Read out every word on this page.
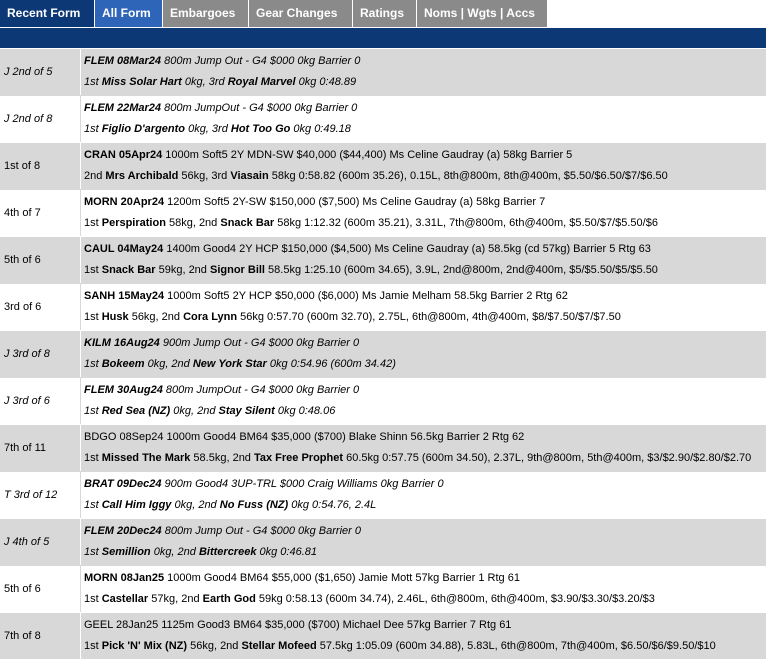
Recent Form	All Form	Embargoes	Gear Changes	Ratings	Noms | Wgts | Accs
J 2nd of 5
FLEM 08Mar24 800m Jump Out - G4 $000 0kg Barrier 0
1st Miss Solar Hart 0kg, 3rd Royal Marvel 0kg 0:48.89
J 2nd of 8
FLEM 22Mar24 800m JumpOut - G4 $000 0kg Barrier 0
1st Figlio D'argento 0kg, 3rd Hot Too Go 0kg 0:49.18
1st of 8
CRAN 05Apr24 1000m Soft5 2Y MDN-SW $40,000 ($44,400) Ms Celine Gaudray (a) 58kg Barrier 5
2nd Mrs Archibald 56kg, 3rd Viasain 58kg 0:58.82 (600m 35.26), 0.15L, 8th@800m, 8th@400m, $5.50/$6.50/$7/$6.50
4th of 7
MORN 20Apr24 1200m Soft5 2Y-SW $150,000 ($7,500) Ms Celine Gaudray (a) 58kg Barrier 7
1st Perspiration 58kg, 2nd Snack Bar 58kg 1:12.32 (600m 35.21), 3.31L, 7th@800m, 6th@400m, $5.50/$7/$5.50/$6
5th of 6
CAUL 04May24 1400m Good4 2Y HCP $150,000 ($4,500) Ms Celine Gaudray (a) 58.5kg (cd 57kg) Barrier 5 Rtg 63
1st Snack Bar 59kg, 2nd Signor Bill 58.5kg 1:25.10 (600m 34.65), 3.9L, 2nd@800m, 2nd@400m, $5/$5.50/$5/$5.50
3rd of 6
SANH 15May24 1000m Soft5 2Y HCP $50,000 ($6,000) Ms Jamie Melham 58.5kg Barrier 2 Rtg 62
1st Husk 56kg, 2nd Cora Lynn 56kg 0:57.70 (600m 32.70), 2.75L, 6th@800m, 4th@400m, $8/$7.50/$7/$7.50
J 3rd of 8
KILM 16Aug24 900m Jump Out - G4 $000 0kg Barrier 0
1st Bokeem 0kg, 2nd New York Star 0kg 0:54.96 (600m 34.42)
J 3rd of 6
FLEM 30Aug24 800m JumpOut - G4 $000 0kg Barrier 0
1st Red Sea (NZ) 0kg, 2nd Stay Silent 0kg 0:48.06
7th of 11
BDGO 08Sep24 1000m Good4 BM64 $35,000 ($700) Blake Shinn 56.5kg Barrier 2 Rtg 62
1st Missed The Mark 58.5kg, 2nd Tax Free Prophet 60.5kg 0:57.75 (600m 34.50), 2.37L, 9th@800m, 5th@400m, $3/$2.90/$2.80/$2.70
T 3rd of 12
BRAT 09Dec24 900m Good4 3UP-TRL $000 Craig Williams 0kg Barrier 0
1st Call Him Iggy 0kg, 2nd No Fuss (NZ) 0kg 0:54.76, 2.4L
J 4th of 5
FLEM 20Dec24 800m Jump Out - G4 $000 0kg Barrier 0
1st Semillion 0kg, 2nd Bittercreek 0kg 0:46.81
5th of 6
MORN 08Jan25 1000m Good4 BM64 $55,000 ($1,650) Jamie Mott 57kg Barrier 1 Rtg 61
1st Castellar 57kg, 2nd Earth God 59kg 0:58.13 (600m 34.74), 2.46L, 6th@800m, 6th@400m, $3.90/$3.30/$3.20/$3
7th of 8
GEEL 28Jan25 1125m Good3 BM64 $35,000 ($700) Michael Dee 57kg Barrier 7 Rtg 61
1st Pick 'N' Mix (NZ) 56kg, 2nd Stellar Mofeed 57.5kg 1:05.09 (600m 34.88), 5.83L, 6th@800m, 7th@400m, $6.50/$6/$9.50/$10
